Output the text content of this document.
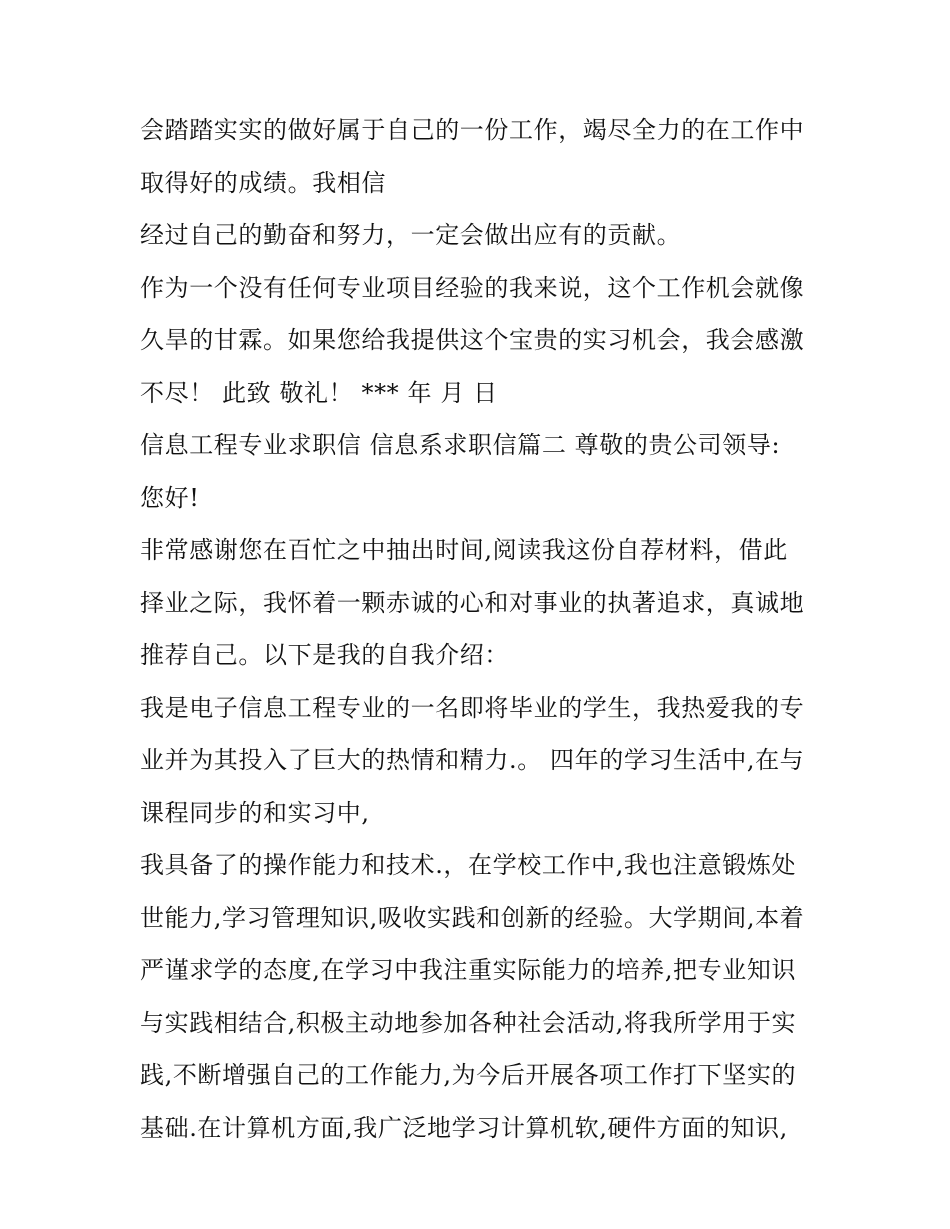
会踏踏实实的做好属于自己的一份工作，竭尽全力的在工作中
取得好的成绩。我相信
经过自己的勤奋和努力，一定会做出应有的贡献。
作为一个没有任何专业项目经验的我来说，这个工作机会就像
久旱的甘霖。如果您给我提供这个宝贵的实习机会，我会感激
不尽！ 此致 敬礼！ *** 年 月 日
信息工程专业求职信 信息系求职信篇二 尊敬的贵公司领导:
您好!
非常感谢您在百忙之中抽出时间,阅读我这份自荐材料，借此
择业之际，我怀着一颗赤诚的心和对事业的执著追求，真诚地
推荐自己。以下是我的自我介绍：
我是电子信息工程专业的一名即将毕业的学生，我热爱我的专
业并为其投入了巨大的热情和精力.。 四年的学习生活中,在与
课程同步的和实习中,
我具备了的操作能力和技术.，在学校工作中,我也注意锻炼处
世能力,学习管理知识,吸收实践和创新的经验。大学期间,本着
严谨求学的态度,在学习中我注重实际能力的培养,把专业知识
与实践相结合,积极主动地参加各种社会活动,将我所学用于实
践,不断增强自己的工作能力,为今后开展各项工作打下坚实的
基础.在计算机方面,我广泛地学习计算机软,硬件方面的知识,
